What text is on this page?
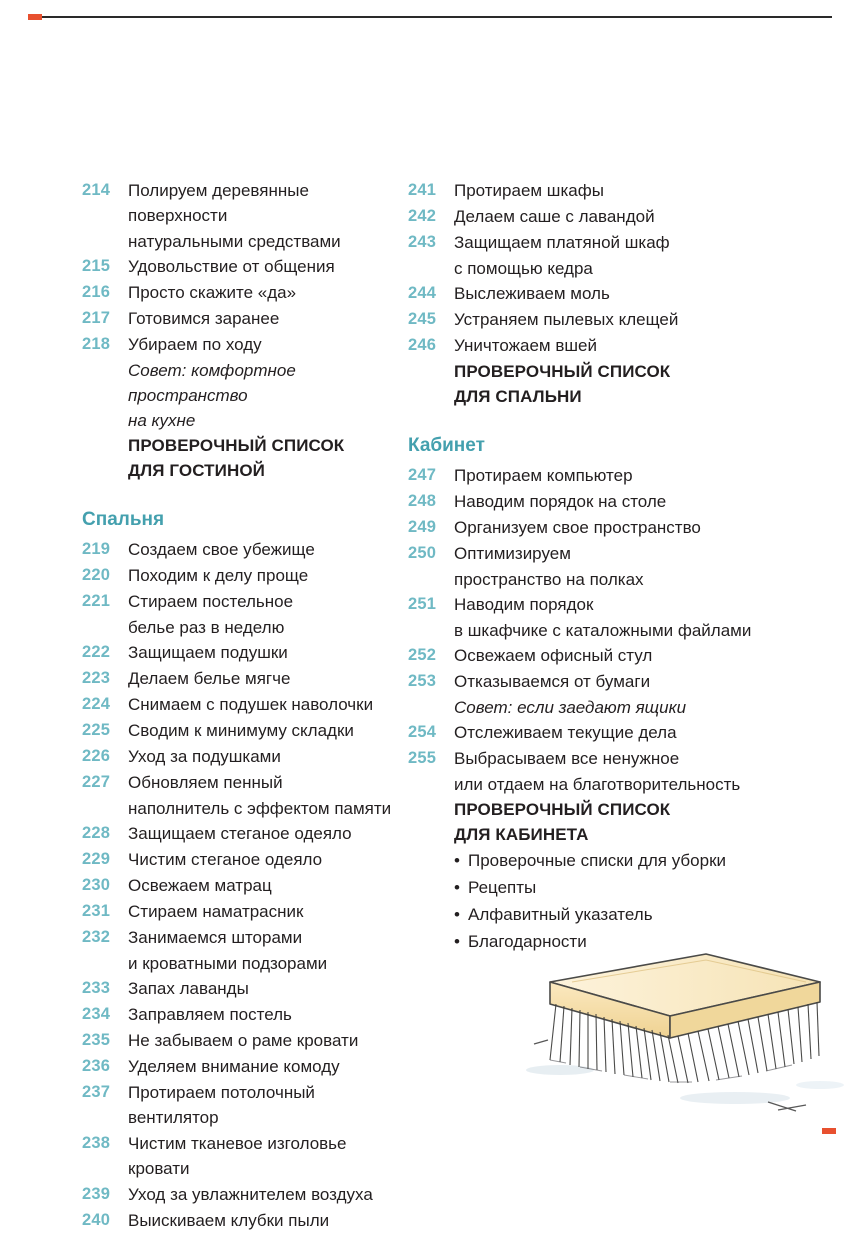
214	Полируем деревянные поверхности
натуральными средствами
215	Удовольствие от общения
216	Просто скажите «да»
217	Готовимся заранее
218	Убираем по ходу
Совет: комфортное пространство
на кухне
ПРОВЕРОЧНЫЙ СПИСОК
ДЛЯ ГОСТИНОЙ
Спальня
219	Создаем свое убежище
220	Походим к делу проще
221	Стираем постельное
белье раз в неделю
222	Защищаем подушки
223	Делаем белье мягче
224	Снимаем с подушек наволочки
225	Сводим к минимуму складки
226	Уход за подушками
227	Обновляем пенный
наполнитель с эффектом памяти
228	Защищаем стеганое одеяло
229	Чистим стеганое одеяло
230	Освежаем матрац
231	Стираем наматрасник
232	Занимаемся шторами
и кроватными подзорами
233	Запах лаванды
234	Заправляем постель
235	Не забываем о раме кровати
236	Уделяем внимание комоду
237	Протираем потолочный вентилятор
238	Чистим тканевое изголовье кровати
239	Уход за увлажнителем воздуха
240	Выискиваем клубки пыли
241	Протираем шкафы
242	Делаем саше с лавандой
243	Защищаем платяной шкаф
с помощью кедра
244	Выслеживаем моль
245	Устраняем пылевых клещей
246	Уничтожаем вшей
ПРОВЕРОЧНЫЙ СПИСОК
ДЛЯ СПАЛЬНИ
Кабинет
247	Протираем компьютер
248	Наводим порядок на столе
249	Организуем свое пространство
250	Оптимизируем
пространство на полках
251	Наводим порядок
в шкафчике с каталожными файлами
252	Освежаем офисный стул
253	Отказываемся от бумаги
Совет: если заедают ящики
254	Отслеживаем текущие дела
255	Выбрасываем все ненужное
или отдаем на благотворительность
ПРОВЕРОЧНЫЙ СПИСОК
ДЛЯ КАБИНЕТА
• Проверочные списки для уборки
• Рецепты
• Алфавитный указатель
• Благодарности
